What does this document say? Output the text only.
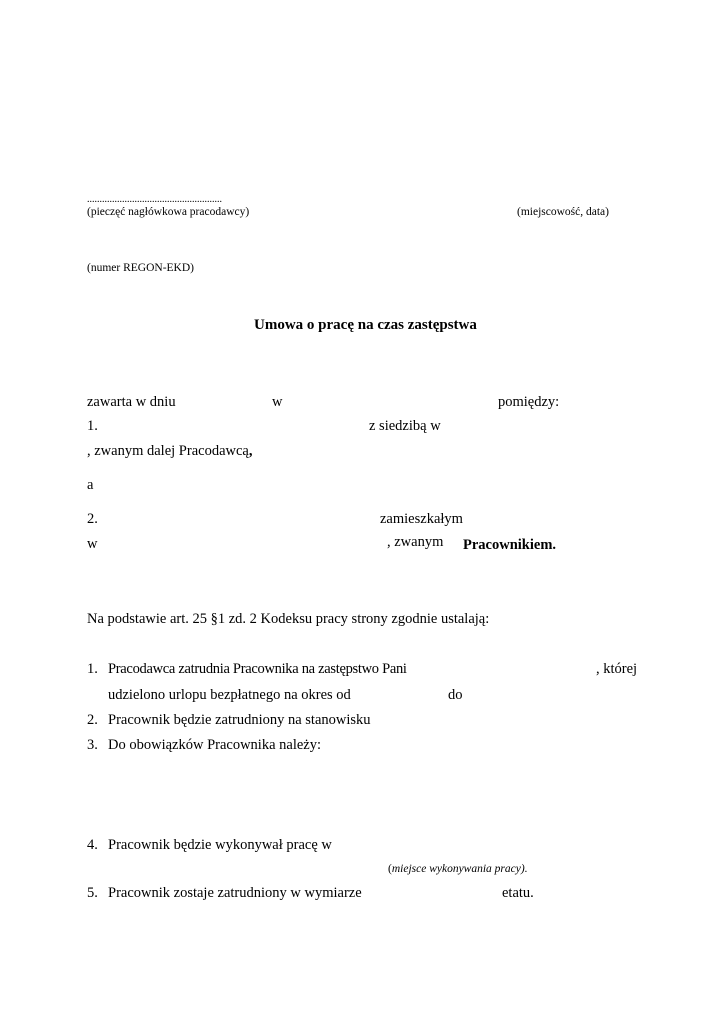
......................................................
(pieczęć nagłówkowa pracodawcy)	(miejscowość, data)
(numer REGON-EKD)
Umowa o pracę na czas zastępstwa
zawarta w dniu	w	pomiędzy:
1.	z siedzibą w
, zwanym dalej Pracodawcą,
a
2.	zamieszkałym
w	, zwanym Pracownikiem.
Na podstawie art. 25 §1 zd. 2 Kodeksu pracy strony zgodnie ustalają:
1. Pracodawca zatrudnia Pracownika na zastępstwo Pani	, której
udzielono urlopu bezpłatnego na okres od	do
2. Pracownik będzie zatrudniony na stanowisku
3. Do obowiązków Pracownika należy:
4. Pracownik będzie wykonywał pracę w
(miejsce wykonywania pracy).
5. Pracownik zostaje zatrudniony w wymiarze	etatu.
